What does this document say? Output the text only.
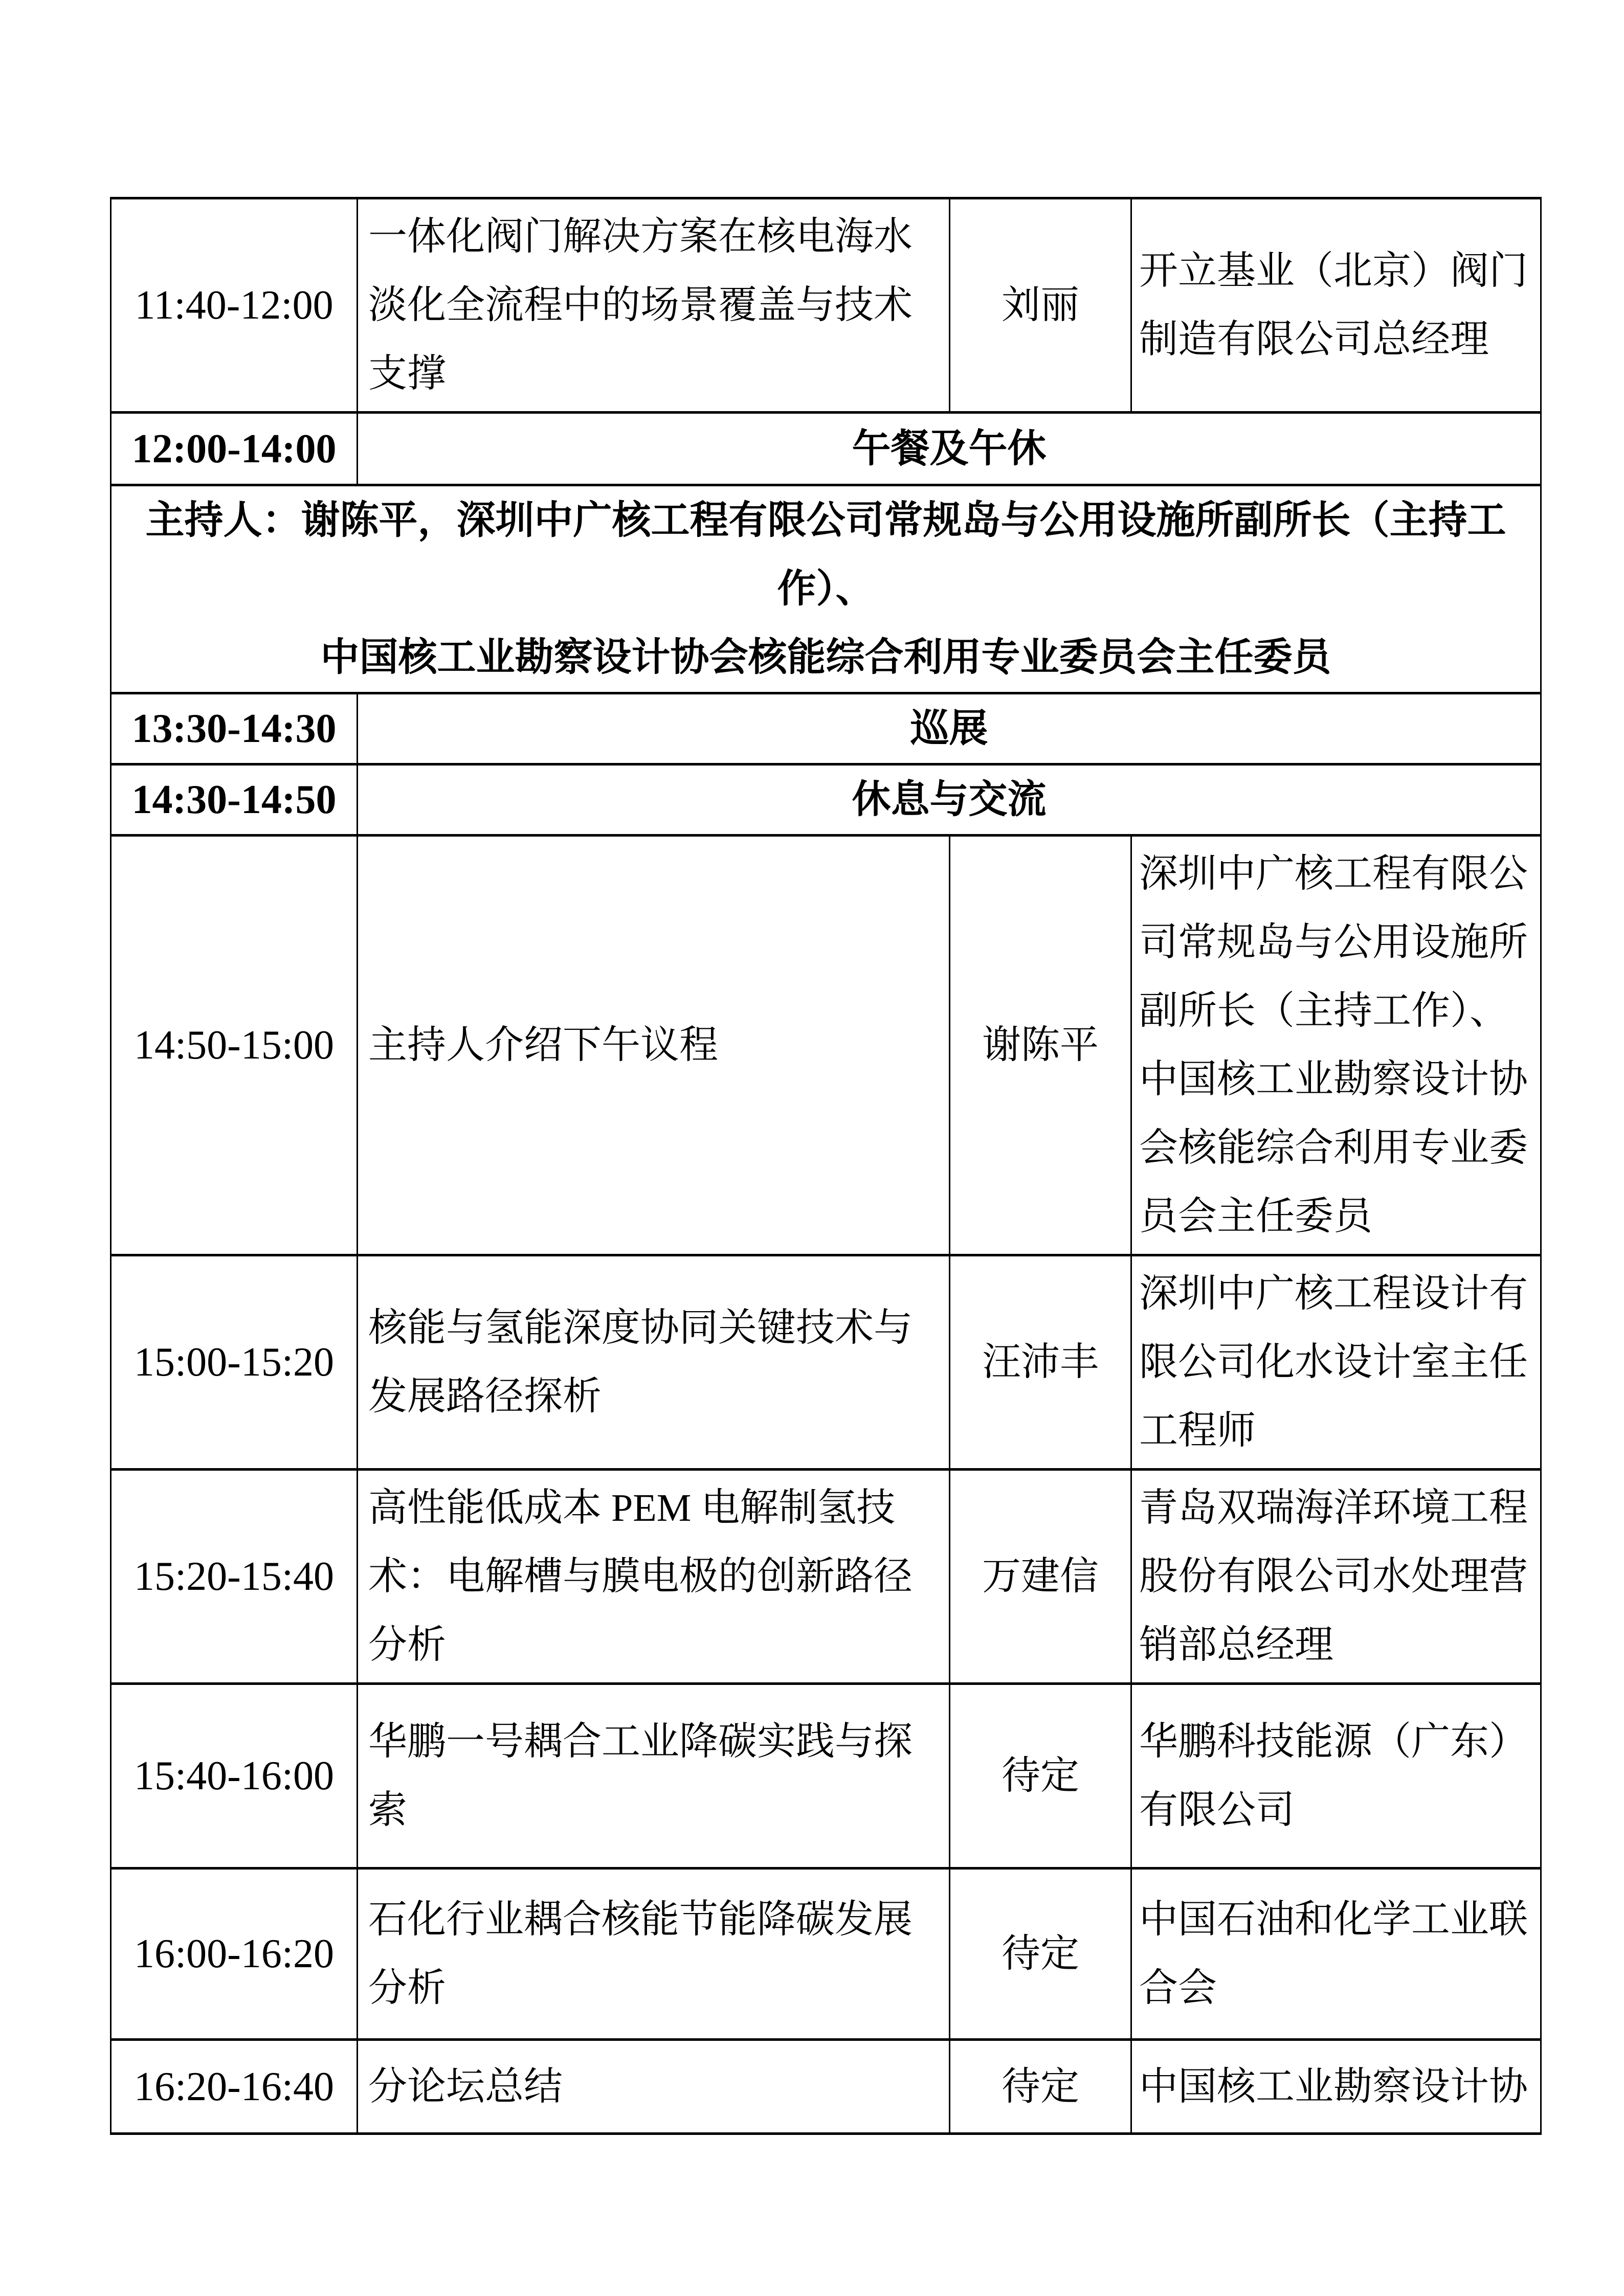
11:40-12:00	一体化阀门解决方案在核电海水淡化全流程中的场景覆盖与技术支撑	刘丽	开立基业（北京）阀门制造有限公司总经理
12:00-14:00	午餐及午休		

主持人：谢陈平，深圳中广核工程有限公司常规岛与公用设施所副所长（主持工作）、
中国核工业勘察设计协会核能综合利用专业委员会主任委员			

13:30-14:30	巡展		
14:30-14:50	休息与交流		
14:50-15:00	主持人介绍下午议程	谢陈平	深圳中广核工程有限公司常规岛与公用设施所副所长（主持工作）、中国核工业勘察设计协会核能综合利用专业委员会主任委员
15:00-15:20	核能与氢能深度协同关键技术与发展路径探析	汪沛丰	深圳中广核工程设计有限公司化水设计室主任工程师
15:20-15:40	高性能低成本 PEM 电解制氢技术：电解槽与膜电极的创新路径分析	万建信	青岛双瑞海洋环境工程股份有限公司水处理营销部总经理
15:40-16:00	华鹏一号耦合工业降碳实践与探索	待定	华鹏科技能源（广东）有限公司
16:00-16:20	石化行业耦合核能节能降碳发展分析	待定	中国石油和化学工业联合会
16:20-16:40	分论坛总结	待定	中国核工业勘察设计协
